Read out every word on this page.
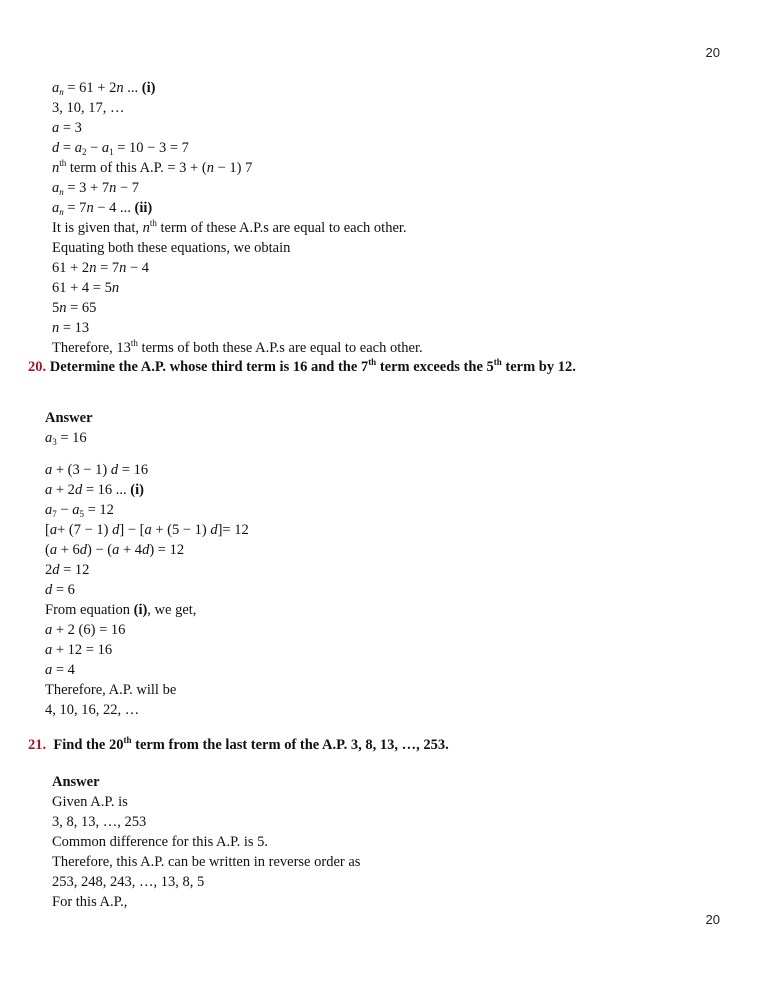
20
$a_n = 61 + 2n$ ... (i)
3, 10, 17, …
a = 3
$d = a_2 - a_1 = 10 - 3 = 7$
$n^{th}$ term of this A.P. = 3 + (n − 1) 7
$a_n = 3 + 7n - 7$
$a_n = 7n - 4$ ... (ii)
It is given that, $n^{th}$ term of these A.P.s are equal to each other.
Equating both these equations, we obtain
61 + 2n = 7n − 4
61 + 4 = 5n
5n = 65
n = 13
Therefore, 13th terms of both these A.P.s are equal to each other.
20. Determine the A.P. whose third term is 16 and the 7th term exceeds the 5th term by 12.
Answer
$a_3 = 16$
a + (3 − 1) d = 16
a + 2d = 16 ... (i)
$a_7 - a_5 = 12$
[a+ (7 − 1) d] − [a + (5 − 1) d]= 12
(a + 6d) − (a + 4d) = 12
2d = 12
d = 6
From equation (i), we get,
a + 2 (6) = 16
a + 12 = 16
a = 4
Therefore, A.P. will be
4, 10, 16, 22, …
21.  Find the 20th term from the last term of the A.P. 3, 8, 13, …, 253.
Answer
Given A.P. is
3, 8, 13, …, 253
Common difference for this A.P. is 5.
Therefore, this A.P. can be written in reverse order as
253, 248, 243, …, 13, 8, 5
For this A.P.,
20
